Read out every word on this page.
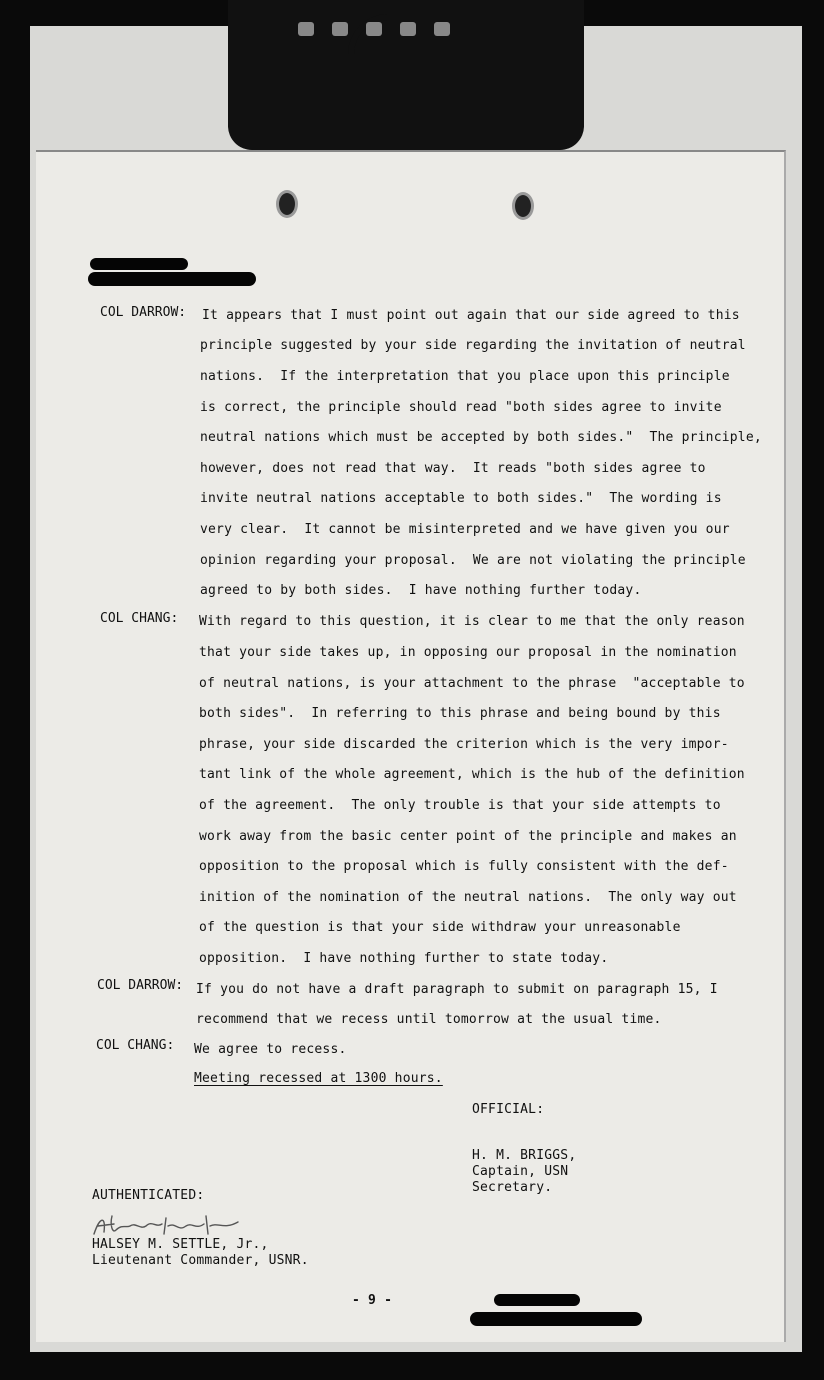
COL DARROW: It appears that I must point out again that our side agreed to this

principle suggested by your side regarding the invitation of neutral

nations.  If the interpretation that you place upon this principle

is correct, the principle should read "both sides agree to invite

neutral nations which must be accepted by both sides."  The principle,

however, does not read that way.  It reads "both sides agree to

invite neutral nations acceptable to both sides."  The wording is

very clear.  It cannot be misinterpreted and we have given you our

opinion regarding your proposal.  We are not violating the principle

agreed to by both sides.  I have nothing further today.

COL CHANG: With regard to this question, it is clear to me that the only reason

that your side takes up, in opposing our proposal in the nomination

of neutral nations, is your attachment to the phrase  "acceptable to

both sides".  In referring to this phrase and being bound by this

phrase, your side discarded the criterion which is the very impor-

tant link of the whole agreement, which is the hub of the definition

of the agreement.  The only trouble is that your side attempts to

work away from the basic center point of the principle and makes an

opposition to the proposal which is fully consistent with the def-

inition of the nomination of the neutral nations.  The only way out

of the question is that your side withdraw your unreasonable

opposition.  I have nothing further to state today.

COL DARROW: If you do not have a draft paragraph to submit on paragraph 15, I

recommend that we recess until tomorrow at the usual time.

COL CHANG: We agree to recess.

Meeting recessed at 1300 hours.

OFFICIAL:

H. M. BRIGGS,

Captain, USN

Secretary.

AUTHENTICATED:

HALSEY M. SETTLE, Jr.,

Lieutenant Commander, USNR.

- 9 -
